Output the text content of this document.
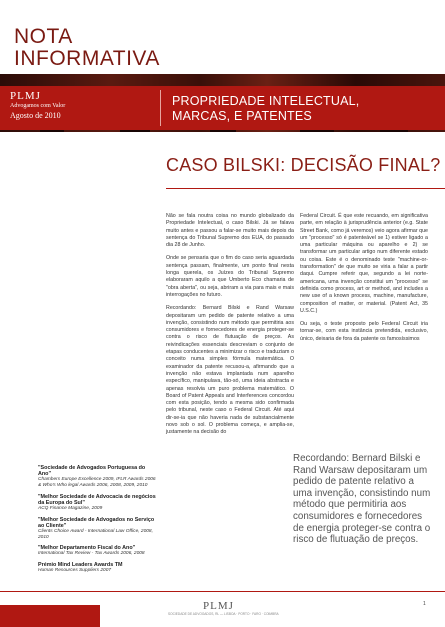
NOTA
INFORMATIVA
PLMJ
Advogamos com Valor
Agosto de 2010
PROPRIEDADE INTELECTUAL,
MARCAS, E PATENTES
CASO BILSKI: DECISÃO FINAL?

Não se fala noutra coisa no mundo globalizado da Propriedade Intelectual, o caso Bilski. Já se falava muito antes e passou a falar-se muito mais depois da sentença do Tribunal Supremo dos EUA, do passado dia 28 de Junho.

Onde se pensaria que o fim do caso seria aguardada sentença passam, finalmente, um ponto final nesta longa querela, os Juízes do Tribunal Supremo elaboraram aquilo a que Umberto Eco chamaria de "obra aberta", ou seja, abriram a via para mais e mais interrogações no futuro.

Recordando: Bernard Bilski e Rand Warsaw depositaram um pedido de patente relativo a uma invenção, consistindo num método que permitiria aos consumidores e fornecedores de energia proteger-se contra o risco de flutuação de preços. As reivindicações essenciais descreviam o conjunto de etapas conducentes a minimizar o risco e traduziam o conceito numa simples fórmula matemática. O examinador da patente recusou-a, afirmando que a invenção não estava implantada num aparelho específico, manipulava, tão-só, uma ideia abstracta e apenas resolvia um puro problema matemático. O Board of Patent Appeals and Interferences concordou com esta posição, tendo a mesma sido confirmada pelo tribunal, neste caso o Federal Circuit. Até aqui dir-se-ia que não haveria nada de substancialmente novo sob o sol. O problema começa, e amplia-se, justamente na decisão do

Federal Circuit. É que este recuando, em significativa parte, em relação à jurisprudência anterior (e.g. State Street Bank, como já veremos) veio agora afirmar que um "processo" só é patenteável se 1) estiver ligado a uma particular máquina ou aparelho e 2) se transformar um particular artigo num diferente estado ou coisa. Este é o denominado teste "machine-or-transformation" de que muito se viria a falar a partir daqui. Cumpre referir que, segundo a lei norte-americana, uma invenção constitui um "processo" se definida como process, art or method, and includes a new use of a known process, machine, manufacture, composition of matter, or material. (Patent Act, 35 U.S.C.)

Ou seja, o teste proposto pelo Federal Circuit iria tornar-se, com esta instância pretendida, exclusivo, único, deixaria de fora da patente os famosíssimos

Recordando: Bernard Bilski e Rand Warsaw depositaram um pedido de patente relativo a uma invenção, consistindo num método que permitiria aos consumidores e fornecedores de energia proteger-se contra o risco de flutuação de preços.
"Sociedade de Advogados Portuguesa do Ano"
Chambers Europe Excellence 2009, IFLR Awards 2006 & Who's Who legal Awards 2006, 2008, 2009, 2010
"Melhor Sociedade de Advocacia de negócios da Europa do Sul"
ACQ Finance Magazine, 2009
"Melhor Sociedade de Advogados no Serviço ao Cliente"
Clients Choice Award - International Law Office, 2008, 2010
"Melhor Departamento Fiscal do Ano"
International Tax Review - Tax Awards 2006, 2008
Prémio Mind Leaders Awards TM
Human Resources Suppliers 2007
1
PLMJ
SOCIEDADE DE ADVOGADOS, RL — LISBOA · PORTO · FARO · COIMBRA
